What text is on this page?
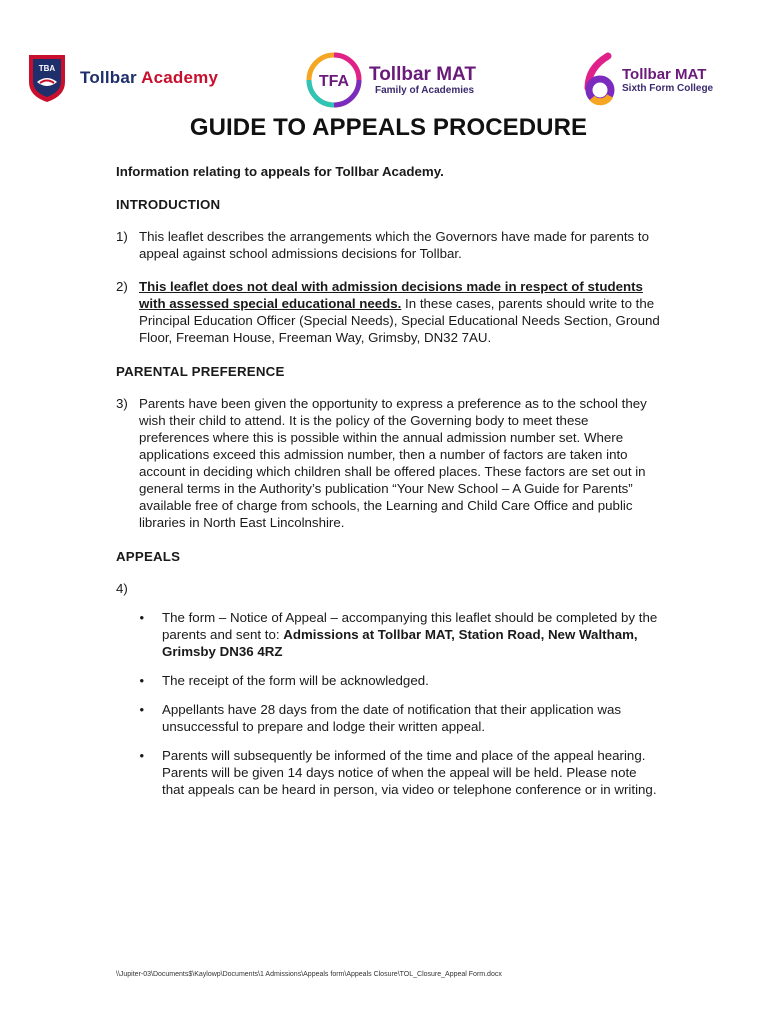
TBA Tollbar Academy	TFA Tollbar MAT
Family of Academies	6
Tollbar MAT
Sixth Form College
GUIDE TO APPEALS PROCEDURE

Information relating to appeals for Tollbar Academy.

INTRODUCTION

1) This leaflet describes the arrangements which the Governors have made for parents to appeal against school admissions decisions for Tollbar.
2) This leaflet does not deal with admission decisions made in respect of students with assessed special educational needs. In these cases, parents should write to the Principal Education Officer (Special Needs), Special Educational Needs Section, Ground Floor, Freeman House, Freeman Way, Grimsby, DN32 7AU.

PARENTAL PREFERENCE

3) Parents have been given the opportunity to express a preference as to the school they wish their child to attend. It is the policy of the Governing body to meet these preferences where this is possible within the annual admission number set. Where applications exceed this admission number, then a number of factors are taken into account in deciding which children shall be offered places. These factors are set out in general terms in the Authority’s publication “Your New School – A Guide for Parents” available free of charge from schools, the Learning and Child Care Office and public libraries in North East Lincolnshire.

APPEALS

4)
•	The form – Notice of Appeal – accompanying this leaflet should be completed by the parents and sent to: Admissions at Tollbar MAT, Station Road, New Waltham, Grimsby DN36 4RZ
•	The receipt of the form will be acknowledged.
•	Appellants have 28 days from the date of notification that their application was unsuccessful to prepare and lodge their written appeal.
•	Parents will subsequently be informed of the time and place of the appeal hearing. Parents will be given 14 days notice of when the appeal will be held. Please note that appeals can be heard in person, via video or telephone conference or in writing.
\\Jupiter-03\Documents$\Kaylowp\Documents\1 Admissions\Appeals form\Appeals Closure\TOL_Closure_Appeal Form.docx
